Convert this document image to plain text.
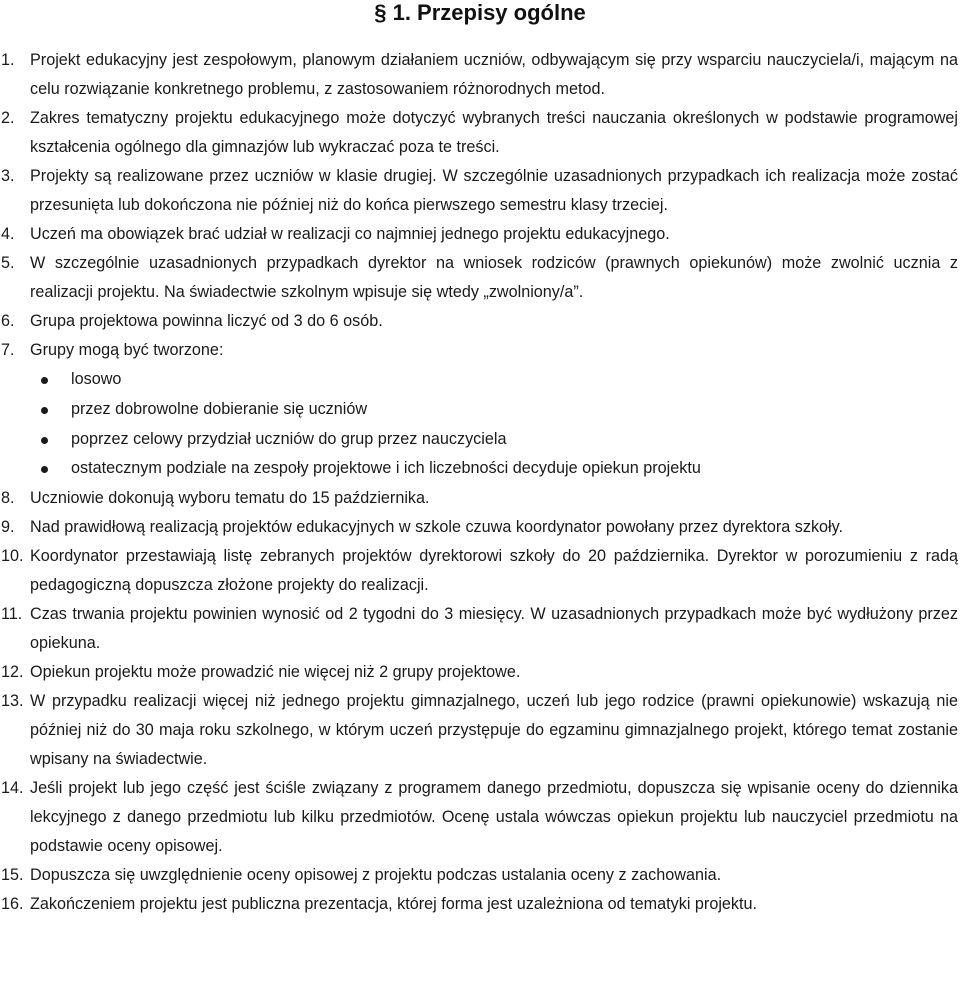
§ 1. Przepisy ogólne
1. Projekt edukacyjny jest zespołowym, planowym działaniem uczniów, odbywającym się przy wsparciu nauczyciela/i, mającym na celu rozwiązanie konkretnego problemu, z zastosowaniem różnorodnych metod.
2. Zakres tematyczny projektu edukacyjnego może dotyczyć wybranych treści nauczania określonych w podstawie programowej kształcenia ogólnego dla gimnazjów lub wykraczać poza te treści.
3. Projekty są realizowane przez uczniów w klasie drugiej. W szczególnie uzasadnionych przypadkach ich realizacja może zostać przesunięta lub dokończona nie później niż do końca pierwszego semestru klasy trzeciej.
4. Uczeń ma obowiązek brać udział w realizacji co najmniej jednego projektu edukacyjnego.
5. W szczególnie uzasadnionych przypadkach dyrektor na wniosek rodziców (prawnych opiekunów) może zwolnić ucznia z realizacji projektu. Na świadectwie szkolnym wpisuje się wtedy „zwolniony/a”.
6. Grupa projektowa powinna liczyć od 3 do 6 osób.
7. Grupy mogą być tworzone:
losowo
przez dobrowolne dobieranie się uczniów
poprzez celowy przydział uczniów do grup przez nauczyciela
ostatecznym podziale na zespoły projektowe i ich liczebności decyduje opiekun projektu
8. Uczniowie dokonują wyboru tematu do 15 października.
9. Nad prawidłową realizacją projektów edukacyjnych w szkole czuwa koordynator powołany przez dyrektora szkoły.
10. Koordynator przestawiają listę zebranych projektów dyrektorowi szkoły do 20 października. Dyrektor w porozumieniu z radą pedagogiczną dopuszcza złożone projekty do realizacji.
11. Czas trwania projektu powinien wynosić od 2 tygodni do 3 miesięcy. W uzasadnionych przypadkach może być wydłużony przez opiekuna.
12. Opiekun projektu może prowadzić nie więcej niż 2 grupy projektowe.
13. W przypadku realizacji więcej niż jednego projektu gimnazjalnego, uczeń lub jego rodzice (prawni opiekunowie) wskazują nie później niż do 30 maja roku szkolnego, w którym uczeń przystępuje do egzaminu gimnazjalnego projekt, którego temat zostanie wpisany na świadectwie.
14. Jeśli projekt lub jego część jest ściśle związany z programem danego przedmiotu, dopuszcza się wpisanie oceny do dziennika lekcyjnego z danego przedmiotu lub kilku przedmiotów. Ocenę ustala wówczas opiekun projektu lub nauczyciel przedmiotu na podstawie oceny opisowej.
15. Dopuszcza się uwzględnienie oceny opisowej z projektu podczas ustalania oceny z zachowania.
16. Zakończeniem projektu jest publiczna prezentacja, której forma jest uzależniona od tematyki projektu.
